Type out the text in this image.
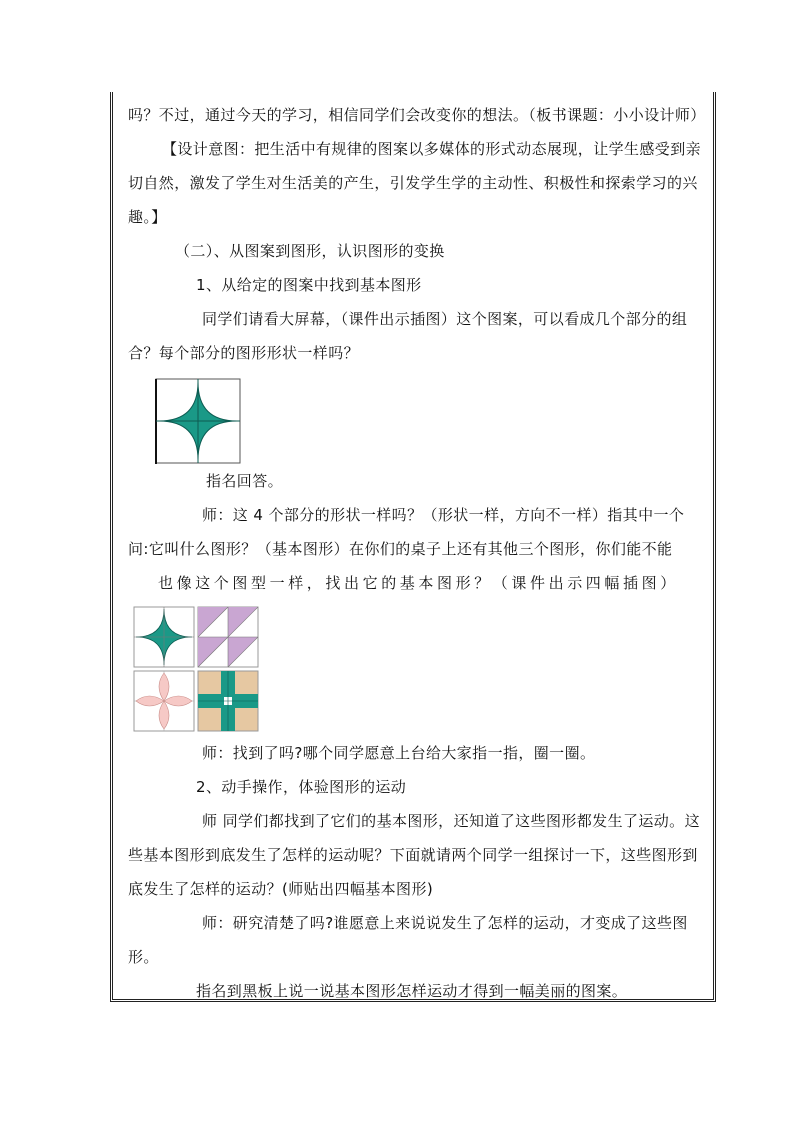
吗？不过，通过今天的学习，相信同学们会改变你的想法。（板书课题：小小设计师）

【设计意图：把生活中有规律的图案以多媒体的形式动态展现，让学生感受到亲切自然，激发了学生对生活美的产生，引发学生学的主动性、积极性和探索学习的兴趣。】

（二）、从图案到图形，认识图形的变换

1、从给定的图案中找到基本图形

同学们请看大屏幕，（课件出示插图）这个图案，可以看成几个部分的组合？每个部分的图形形状一样吗？

指名回答。

师：这 4 个部分的形状一样吗？（形状一样，方向不一样）指其中一个问:它叫什么图形？（基本图形）在你们的桌子上还有其他三个图形，你们能不能

也像这个图型一样，找出它的基本图形？（课件出示四幅插图）

师：找到了吗?哪个同学愿意上台给大家指一指，圈一圈。

2、动手操作，体验图形的运动

师 同学们都找到了它们的基本图形，还知道了这些图形都发生了运动。这些基本图形到底发生了怎样的运动呢？下面就请两个同学一组探讨一下，这些图形到底发生了怎样的运动？(师贴出四幅基本图形)

师：研究清楚了吗?谁愿意上来说说发生了怎样的运动，才变成了这些图形。

指名到黑板上说一说基本图形怎样运动才得到一幅美丽的图案。
